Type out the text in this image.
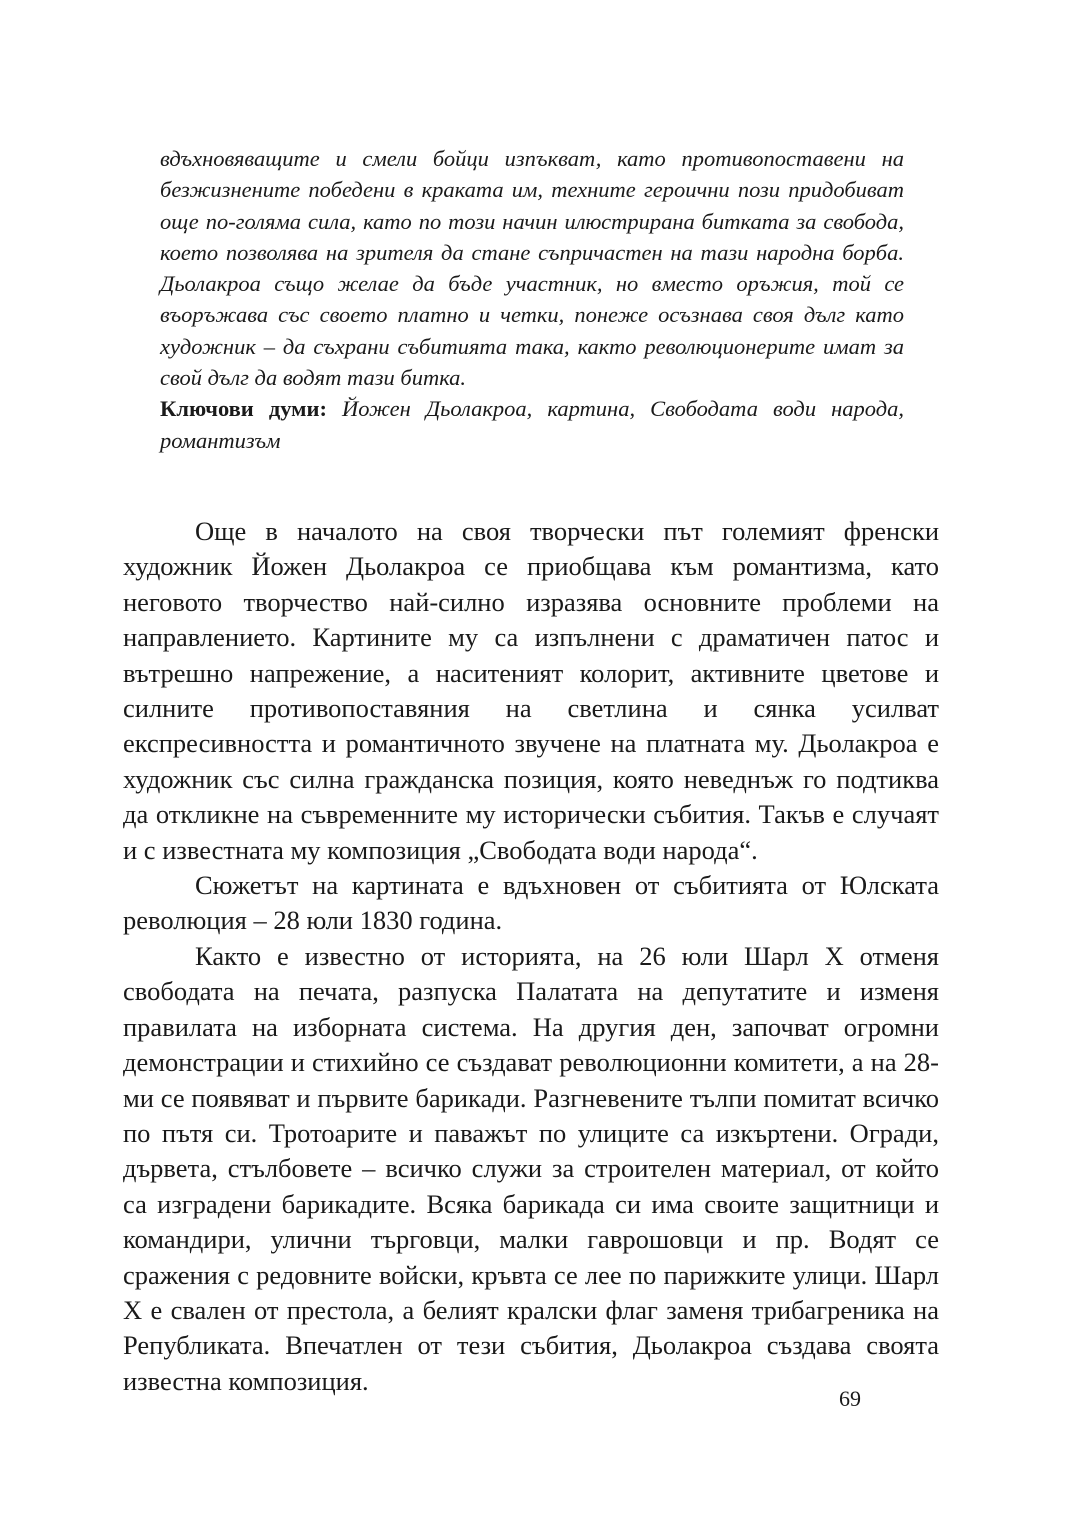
вдъхновяващите и смели бойци изпъкват, като противопоставени на безжизнените победени в краката им, техните героични пози придобиват още по-голяма сила, като по този начин илюстрирана битката за свобода, което позволява на зрителя да стане съпричастен на тази народна борба. Дьолакроа също желае да бъде участник, но вместо оръжия, той се въоръжава със своето платно и четки, понеже осъзнава своя дълг като художник – да съхрани събитията така, както революционерите имат за свой дълг да водят тази битка.

Ключови думи: Йожен Дьолакроа, картина, Свободата води народа, романтизъм

Още в началото на своя творчески път големият френски художник Йожен Дьолакроа се приобщава към романтизма, като неговото творчество най-силно изразява основните проблеми на направлението. Картините му са изпълнени с драматичен патос и вътрешно напрежение, а наситеният колорит, активните цветове и силните противопоставяния на светлина и сянка усилват експресивността и романтичното звучене на платната му. Дьолакроа е художник със силна гражданска позиция, която неведнъж го подтиква да откликне на съвременните му исторически събития. Такъв е случаят и с известната му композиция „Свободата води народа“.

Сюжетът на картината е вдъхновен от събитията от Юлската революция – 28 юли 1830 година.

Както е известно от историята, на 26 юли Шарл Х отменя свободата на печата, разпуска Палатата на депутатите и изменя правилата на изборната система. На другия ден, започват огромни демонстрации и стихийно се създават революционни комитети, а на 28-ми се появяват и първите барикади. Разгневените тълпи помитат всичко по пътя си. Тротоарите и паважът по улиците са изкъртени. Огради, дървета, стълбовете – всичко служи за строителен материал, от който са изградени барикадите. Всяка барикада си има своите защитници и командири, улични търговци, малки гаврошовци и пр. Водят се сражения с редовните войски, кръвта се лее по парижките улици. Шарл Х е свален от престола, а белият кралски флаг заменя трибагреника на Републиката. Впечатлен от тези събития, Дьолакроа създава своята известна композиция.

69
